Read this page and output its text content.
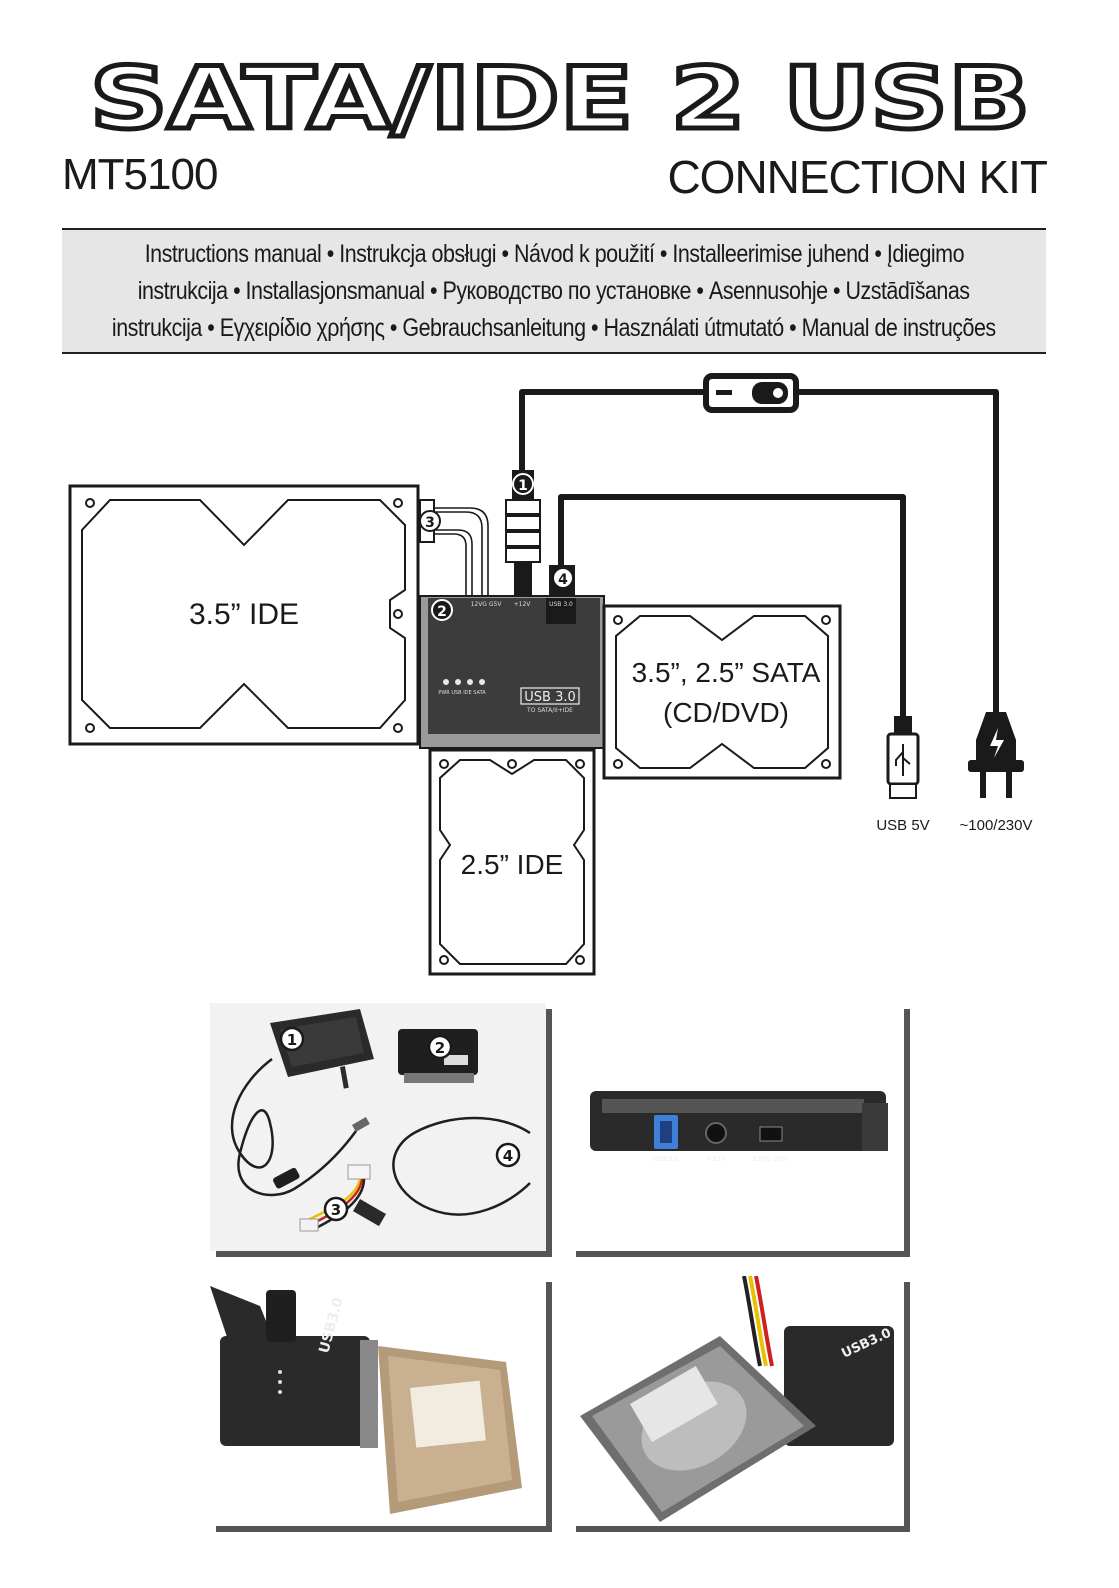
SATA/IDE 2 USB
MT5100	CONNECTION KIT
Instructions manual • Instrukcja obsługi • Návod k použití • Installeerimise juhend • Įdiegimo
instrukcija • Installasjonsmanual • Руководство по установке • Asennusohje • Uzstādīšanas
instrukcija • Εγχειρίδιο χρήσης • Gebrauchsanleitung • Használati útmutató • Manual de instruções
3.5” IDE	12VG G5V +12V	USB 3.0
PWR USB IDE SATA	USB 3.0
TO SATA/II+IDE
3.5”, 2.5” SATA
(CD/DVD)
2.5” IDE
USB 5V ~100/230V
1
2
3
4
1	2
3
4	USB3.0	+12V	12VG G5V
USB3.0	USB3.0
